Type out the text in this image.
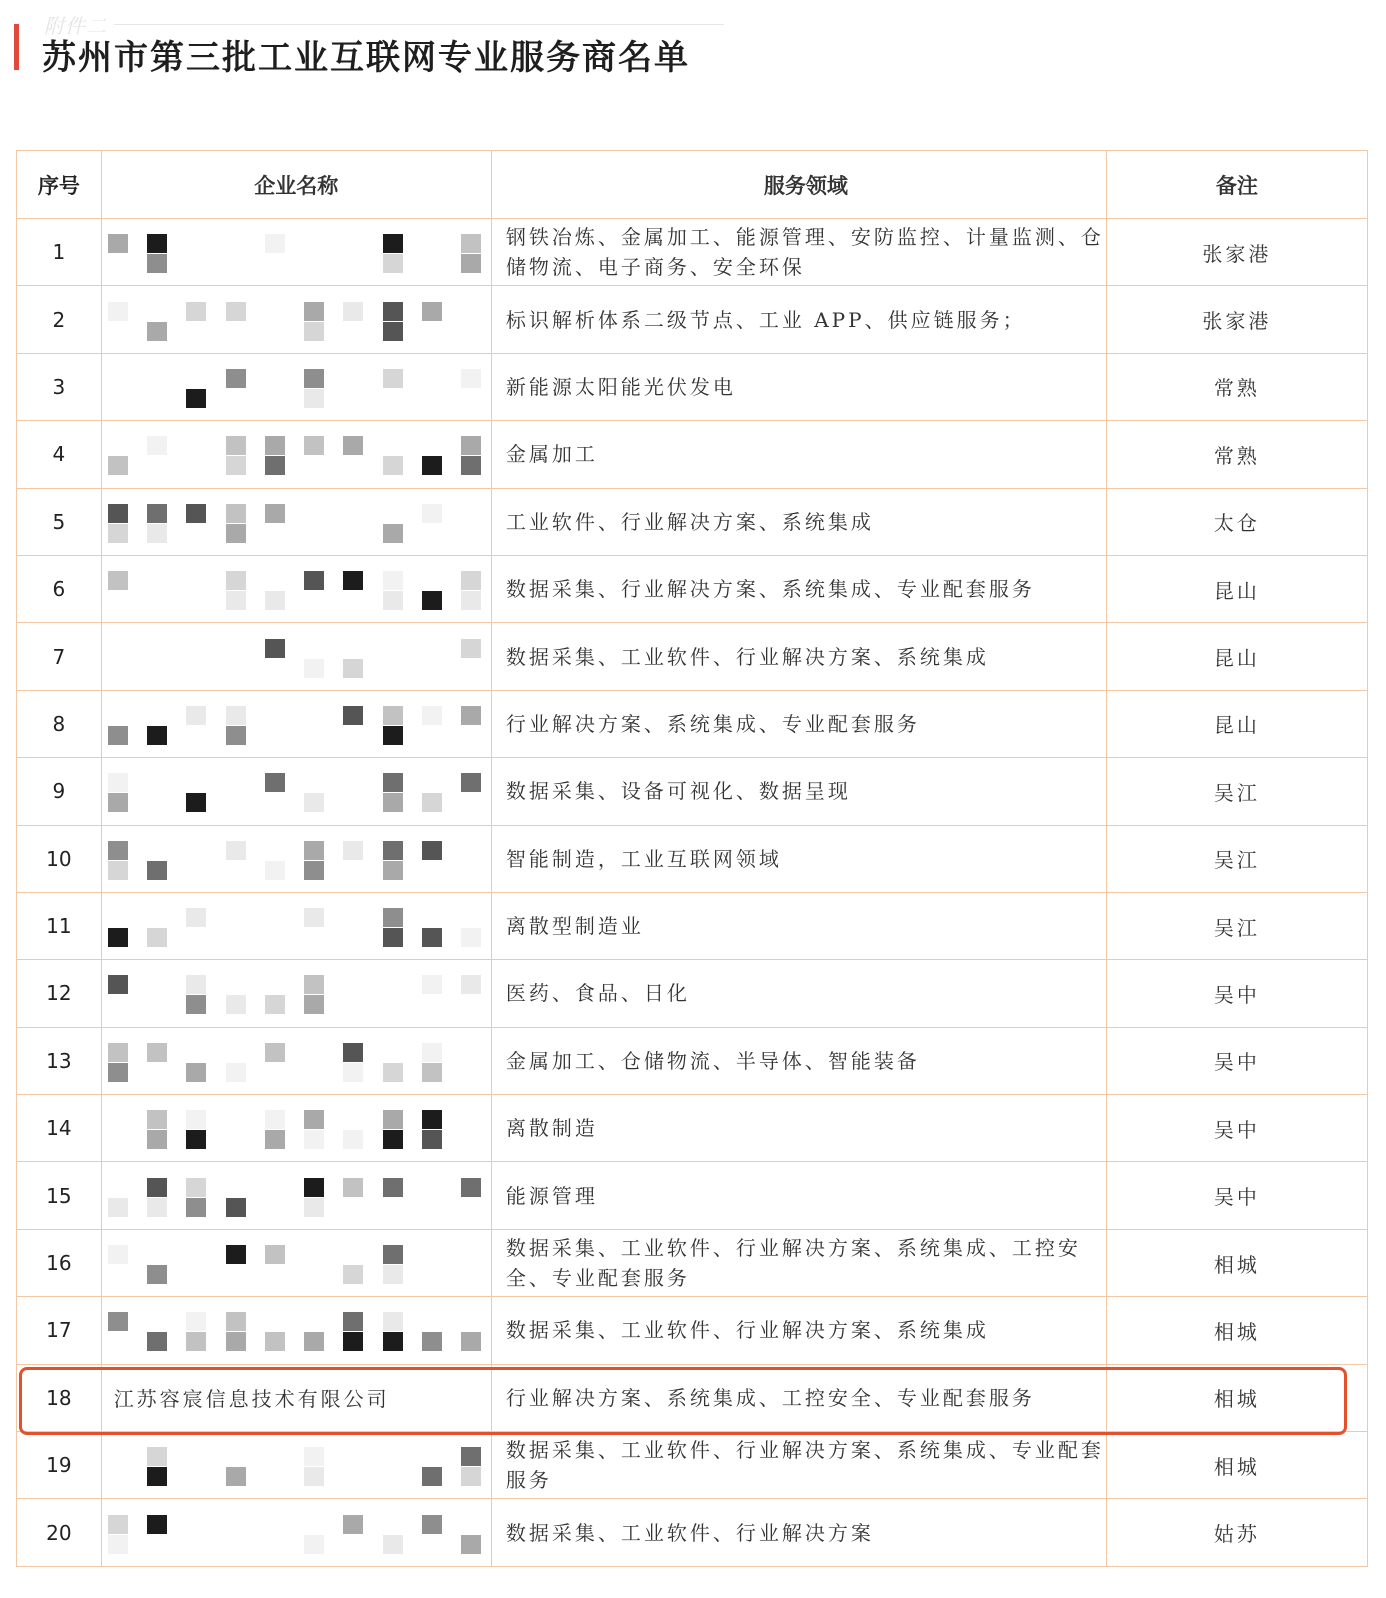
附件二
苏州市第三批工业互联网专业服务商名单
序号	企业名称	服务领域	备注
1		钢铁冶炼、金属加工、能源管理、安防监控、计量监测、仓储物流、电子商务、安全环保	张家港
2		标识解析体系二级节点、工业 APP、供应链服务；	张家港
3		新能源太阳能光伏发电	常熟
4		金属加工	常熟
5		工业软件、行业解决方案、系统集成	太仓
6		数据采集、行业解决方案、系统集成、专业配套服务	昆山
7		数据采集、工业软件、行业解决方案、系统集成	昆山
8		行业解决方案、系统集成、专业配套服务	昆山
9		数据采集、设备可视化、数据呈现	吴江
10		智能制造，工业互联网领域	吴江
11		离散型制造业	吴江
12		医药、食品、日化	吴中
13		金属加工、仓储物流、半导体、智能装备	吴中
14		离散制造	吴中
15		能源管理	吴中
16		数据采集、工业软件、行业解决方案、系统集成、工控安全、专业配套服务	相城
17		数据采集、工业软件、行业解决方案、系统集成	相城
18	江苏容宸信息技术有限公司	行业解决方案、系统集成、工控安全、专业配套服务	相城
19		数据采集、工业软件、行业解决方案、系统集成、专业配套服务	相城
20		数据采集、工业软件、行业解决方案	姑苏
